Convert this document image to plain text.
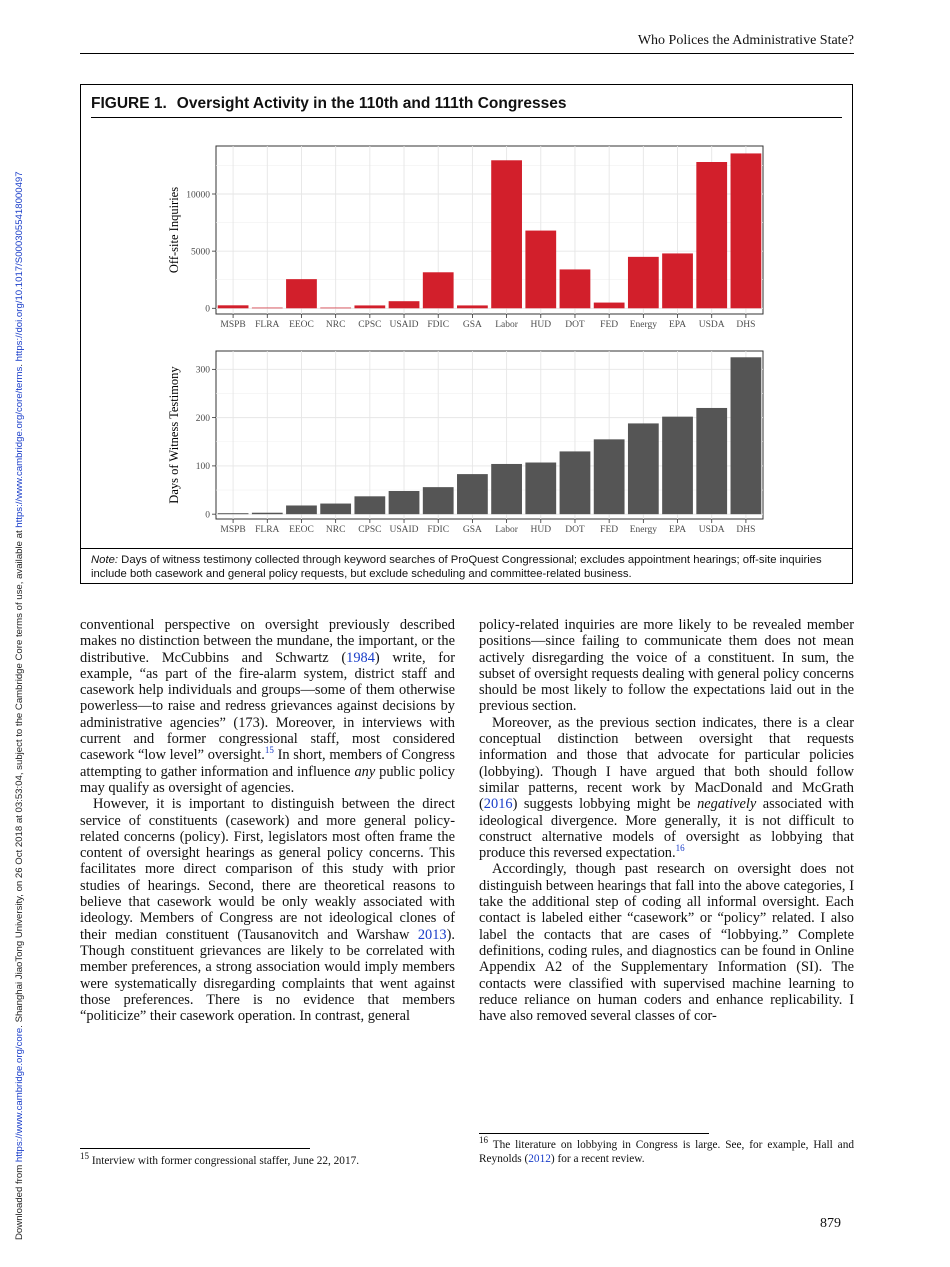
Who Polices the Administrative State?
Downloaded from https://www.cambridge.org/core. Shanghai JiaoTong University, on 26 Oct 2018 at 03:53:04, subject to the Cambridge Core terms of use, available at https://www.cambridge.org/core/terms. https://doi.org/10.1017/S0003055418000497
FIGURE 1. Oversight Activity in the 110th and 111th Congresses
Note: Days of witness testimony collected through keyword searches of ProQuest Congressional; excludes appointment hearings; off-site inquiries include both casework and general policy requests, but exclude scheduling and committee-related business.
0
5000
10000
MSPB FLRA EEOC NRC CPSC USAID FDIC GSA Labor HUD DOT FED Energy EPA USDA DHS
Off-site Inquiries
0
100
200
300
MSPB FLRA EEOC NRC CPSC USAID FDIC GSA Labor HUD DOT FED Energy EPA USDA DHS
Days of Witness Testimony

conventional perspective on oversight previously described makes no distinction between the mundane, the important, or the distributive. McCubbins and Schwartz (1984) write, for example, “as part of the fire-alarm system, district staff and casework help individuals and groups—some of them otherwise powerless—to raise and redress grievances against decisions by administrative agencies” (173). Moreover, in interviews with current and former congressional staff, most considered casework “low level” oversight.$^{15}$ In short, members of Congress attempting to gather information and influence any public policy may qualify as oversight of agencies.

However, it is important to distinguish between the direct service of constituents (casework) and more general policy-related concerns (policy). First, legislators most often frame the content of oversight hearings as general policy concerns. This facilitates more direct comparison of this study with prior studies of hearings. Second, there are theoretical reasons to believe that casework would be only weakly associated with ideology. Members of Congress are not ideological clones of their median constituent (Tausanovitch and Warshaw 2013). Though constituent grievances are likely to be correlated with member preferences, a strong association would imply members were systematically disregarding complaints that went against those preferences. There is no evidence that members “politicize” their casework operation. In contrast, general

policy-related inquiries are more likely to be revealed member positions—since failing to communicate them does not mean actively disregarding the voice of a constituent. In sum, the subset of oversight requests dealing with general policy concerns should be most likely to follow the expectations laid out in the previous section.

Moreover, as the previous section indicates, there is a clear conceptual distinction between oversight that requests information and those that advocate for particular policies (lobbying). Though I have argued that both should follow similar patterns, recent work by MacDonald and McGrath (2016) suggests lobbying might be negatively associated with ideological divergence. More generally, it is not difficult to construct alternative models of oversight as lobbying that produce this reversed expectation.$^{16}$

Accordingly, though past research on oversight does not distinguish between hearings that fall into the above categories, I take the additional step of coding all informal oversight. Each contact is labeled either “casework” or “policy” related. I also label the contacts that are cases of “lobbying.” Complete definitions, coding rules, and diagnostics can be found in Online Appendix A2 of the Supplementary Information (SI). The contacts were classified with supervised machine learning to reduce reliance on human coders and enhance replicability. I have also removed several classes of cor-

$^{15}$ Interview with former congressional staffer, June 22, 2017.
$^{16}$ The literature on lobbying in Congress is large. See, for example, Hall and Reynolds (2012) for a recent review.
879
